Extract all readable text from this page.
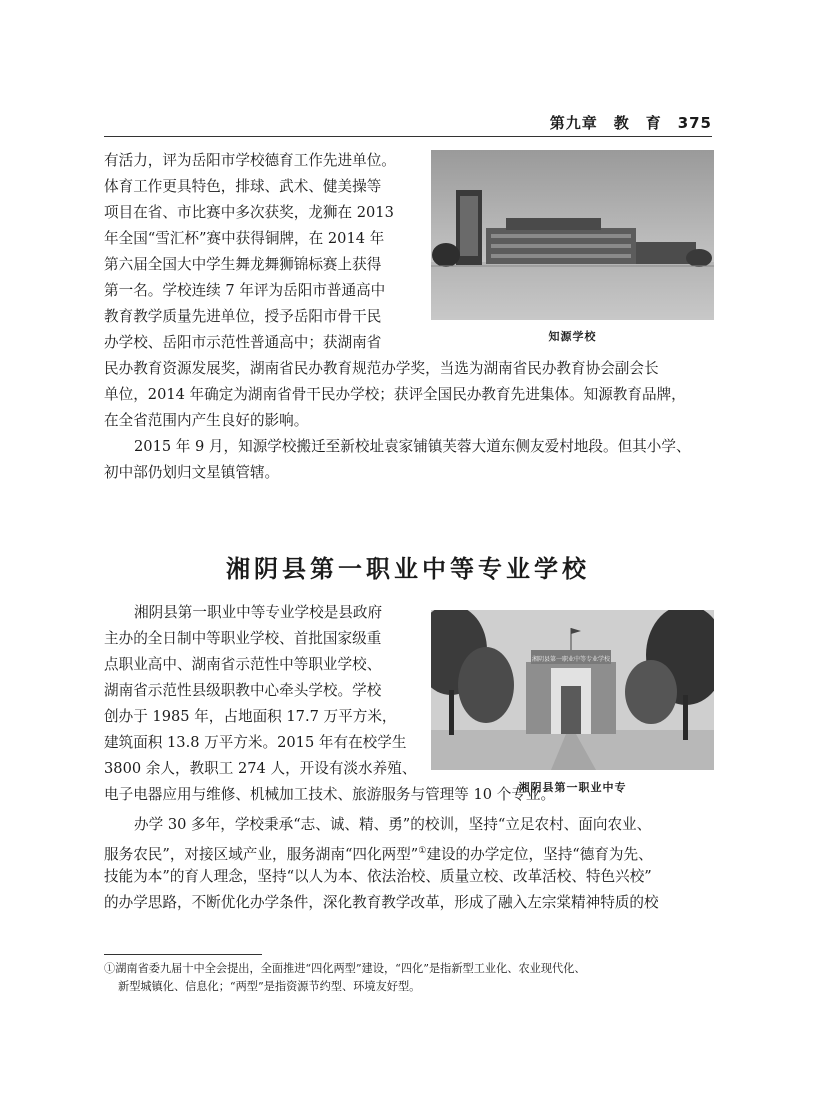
第九章　教　育　375
有活力，评为岳阳市学校德育工作先进单位。
体育工作更具特色，排球、武术、健美操等
项目在省、市比赛中多次获奖，龙狮在 2013
年全国“雪汇杯”赛中获得铜牌，在 2014 年
第六届全国大中学生舞龙舞狮锦标赛上获得
第一名。学校连续 7 年评为岳阳市普通高中
教育教学质量先进单位，授予岳阳市骨干民
办学校、岳阳市示范性普通高中；获湖南省
民办教育资源发展奖，湖南省民办教育规范办学奖，当选为湖南省民办教育协会副会长
单位，2014 年确定为湖南省骨干民办学校；获评全国民办教育先进集体。知源教育品牌，
在全省范围内产生良好的影响。
2015 年 9 月，知源学校搬迁至新校址袁家铺镇芙蓉大道东侧友爱村地段。但其小学、
初中部仍划归文星镇管辖。
知源学校
湘阴县第一职业中等专业学校
湘阴县第一职业中等专业学校是县政府
主办的全日制中等职业学校、首批国家级重
点职业高中、湖南省示范性中等职业学校、
湖南省示范性县级职教中心牵头学校。学校
创办于 1985 年，占地面积 17.7 万平方米，
建筑面积 13.8 万平方米。2015 年有在校学生
3800 余人，教职工 274 人，开设有淡水养殖、
电子电器应用与维修、机械加工技术、旅游服务与管理等 10 个专业。
办学 30 多年，学校秉承“志、诚、精、勇”的校训，坚持“立足农村、面向农业、
服务农民”，对接区域产业，服务湖南“四化两型”①建设的办学定位，坚持“德育为先、
技能为本”的育人理念，坚持“以人为本、依法治校、质量立校、改革活校、特色兴校”
的办学思路，不断优化办学条件，深化教育教学改革，形成了融入左宗棠精神特质的校
湘阴县第一职业中等专业学校
湘阴县第一职业中专
①湖南省委九届十中全会提出，全面推进“四化两型”建设，“四化”是指新型工业化、农业现代化、
新型城镇化、信息化；“两型”是指资源节约型、环境友好型。
